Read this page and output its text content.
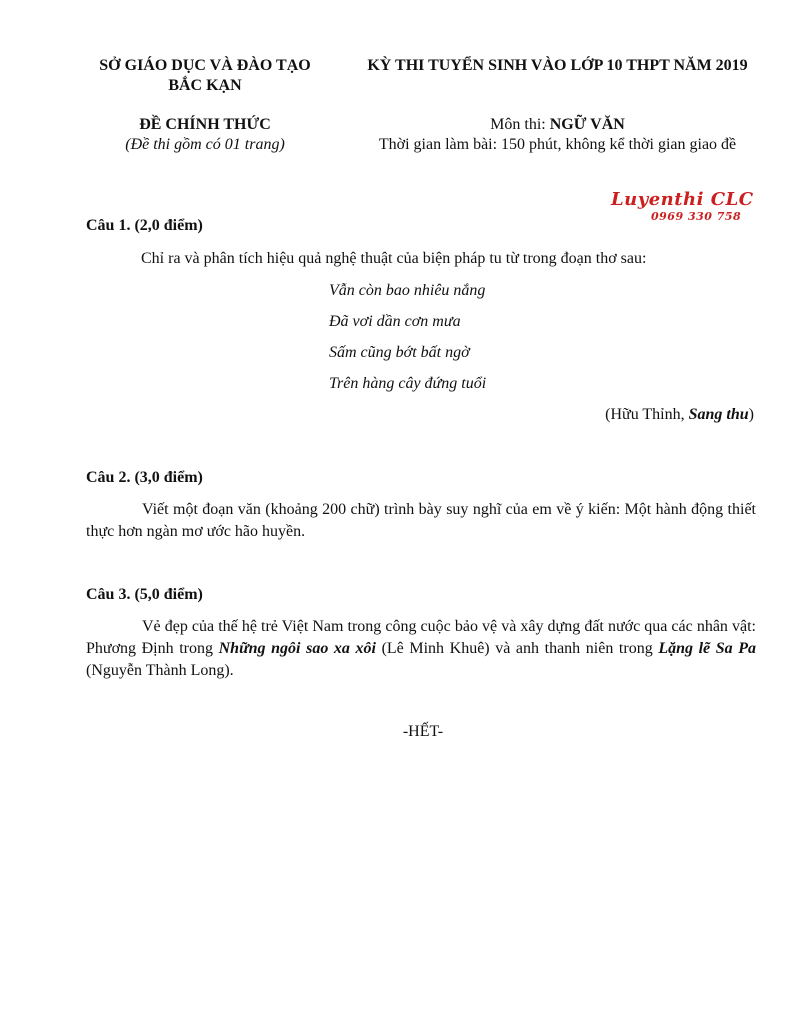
SỞ GIÁO DỤC VÀ ĐÀO TẠO
BẮC KẠN
KỲ THI TUYỂN SINH VÀO LỚP 10 THPT NĂM 2019
ĐỀ CHÍNH THỨC
(Đề thi gồm có 01 trang)
Môn thi: NGỮ VĂN
Thời gian làm bài: 150 phút, không kể thời gian giao đề
Luyenthi CLC
0969 330 758
Câu 1. (2,0 điểm)
Chỉ ra và phân tích hiệu quả nghệ thuật của biện pháp tu từ trong đoạn thơ sau:
Vẫn còn bao nhiêu nắng
Đã vơi dần cơn mưa
Sấm cũng bớt bất ngờ
Trên hàng cây đứng tuổi
(Hữu Thỉnh, Sang thu)
Câu 2. (3,0 điểm)
Viết một đoạn văn (khoảng 200 chữ) trình bày suy nghĩ của em về ý kiến: Một hành động thiết thực hơn ngàn mơ ước hão huyền.
Câu 3. (5,0 điểm)
Vẻ đẹp của thế hệ trẻ Việt Nam trong công cuộc bảo vệ và xây dựng đất nước qua các nhân vật: Phương Định trong Những ngôi sao xa xôi (Lê Minh Khuê) và anh thanh niên trong Lặng lẽ Sa Pa (Nguyễn Thành Long).
-HẾT-
